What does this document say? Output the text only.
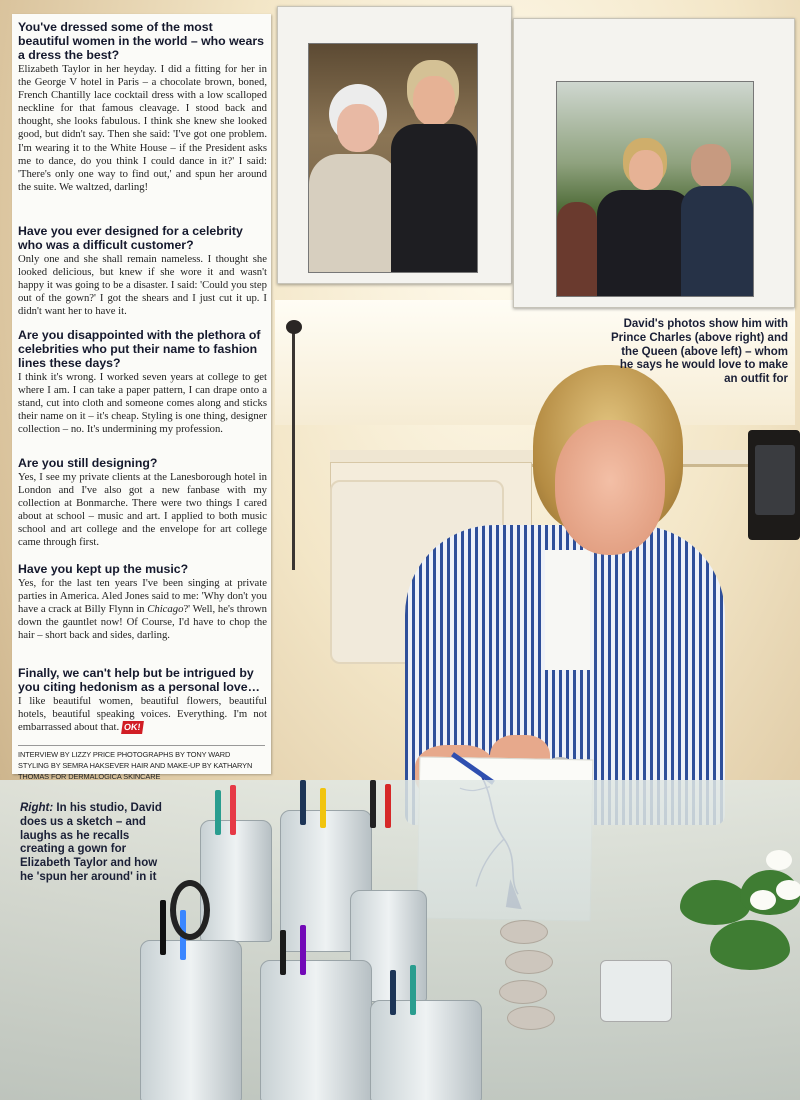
David's photos show him with Prince Charles (above right) and the Queen (above left) – whom he says he would love to make an outfit for
Right: In his studio, David does us a sketch – and laughs as he recalls creating a gown for Elizabeth Taylor and how he 'spun her around' in it

You've dressed some of the most beautiful women in the world – who wears a dress the best?

Elizabeth Taylor in her heyday. I did a fitting for her in the George V hotel in Paris – a chocolate brown, boned, French Chantilly lace cocktail dress with a low scalloped neckline for that famous cleavage. I stood back and thought, she looks fabulous. I think she knew she looked good, but didn't say. Then she said: 'I've got one problem. I'm wearing it to the White House – if the President asks me to dance, do you think I could dance in it?' I said: 'There's only one way to find out,' and spun her around the suite. We waltzed, darling!

Have you ever designed for a celebrity who was a difficult customer?

Only one and she shall remain nameless. I thought she looked delicious, but knew if she wore it and wasn't happy it was going to be a disaster. I said: 'Could you step out of the gown?' I got the shears and I just cut it up. I didn't want her to have it.

Are you disappointed with the plethora of celebrities who put their name to fashion lines these days?

I think it's wrong. I worked seven years at college to get where I am. I can take a paper pattern, I can drape onto a stand, cut into cloth and someone comes along and sticks their name on it – it's cheap. Styling is one thing, designer collection – no. It's undermining my profession.

Are you still designing?

Yes, I see my private clients at the Lanesborough hotel in London and I've also got a new fanbase with my collection at Bonmarche. There were two things I cared about at school – music and art. I applied to both music school and art college and the envelope for art college came through first.

Have you kept up the music?

Yes, for the last ten years I've been singing at private parties in America. Aled Jones said to me: 'Why don't you have a crack at Billy Flynn in Chicago?' Well, he's thrown down the gauntlet now! Of Course, I'd have to chop the hair – short back and sides, darling.

Finally, we can't help but be intrigued by you citing hedonism as a personal love…

I like beautiful women, beautiful flowers, beautiful hotels, beautiful speaking voices. Everything. I'm not embarrassed about that. OK!

INTERVIEW BY LIZZY PRICE PHOTOGRAPHS BY TONY WARD
STYLING BY SEMRA HAKSEVER HAIR AND MAKE-UP BY KATHARYN
THOMAS FOR DERMALOGICA SKINCARE
